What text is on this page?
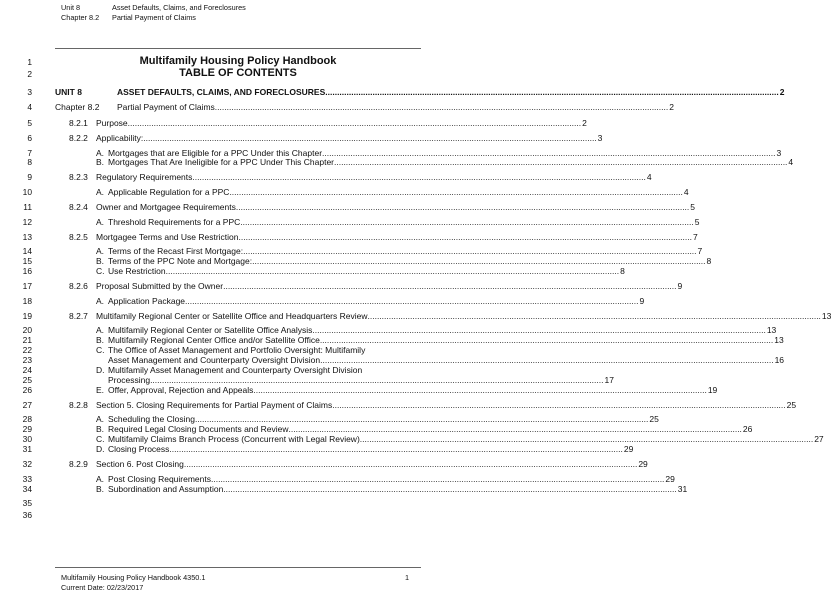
Unit 8	Asset Defaults, Claims, and Foreclosures
Chapter 8.2	Partial Payment of Claims
Multifamily Housing Policy Handbook
TABLE OF CONTENTS
1
2
3
4
5
6
7
8
9
10
11
12
13
14
15
16
17
18
19
20
21
22
23
24
25
26
27
28
29
30
31
32
33
34
35
36
UNIT 8	ASSET DEFAULTS, CLAIMS, AND FORECLOSURES .....	2
Chapter 8.2	Partial Payment of Claims .....	2
8.2.1 Purpose .....	2
8.2.2 Applicability: .....	3
A. Mortgages that are Eligible for a PPC Under this Chapter .....	3
B. Mortgages That Are Ineligible for a PPC Under This Chapter .....	4
8.2.3 Regulatory Requirements .....	4
A. Applicable Regulation for a PPC .....	4
8.2.4 Owner and Mortgagee Requirements .....	5
A. Threshold Requirements for a PPC .....	5
8.2.5 Mortgagee Terms and Use Restriction .....	7
A. Terms of the Recast First Mortgage: .....	7
B. Terms of the PPC Note and Mortgage: .....	8
C. Use Restriction .....	8
8.2.6 Proposal Submitted by the Owner .....	9
A. Application Package .....	9
8.2.7 Multifamily Regional Center or Satellite Office and Headquarters Review .....	13
A. Multifamily Regional Center or Satellite Office Analysis .....	13
B. Multifamily Regional Center Office and/or Satellite Office .....	13
C. The Office of Asset Management and Portfolio Oversight: Multifamily
Asset Management and Counterparty Oversight Division .....	16
D. Multifamily Asset Management and Counterparty Oversight Division
Processing .....	17
E. Offer, Approval, Rejection and Appeals .....	19
8.2.8 Section 5. Closing Requirements for Partial Payment of Claims .....	25
A. Scheduling the Closing .....	25
B. Required Legal Closing Documents and Review .....	26
C. Multifamily Claims Branch Process (Concurrent with Legal Review) .....	27
D. Closing Process .....	29
8.2.9 Section 6. Post Closing .....	29
A. Post Closing Requirements .....	29
B. Subordination and Assumption .....	31
Multifamily Housing Policy Handbook 4350.1
Current Date: 02/23/2017
1
